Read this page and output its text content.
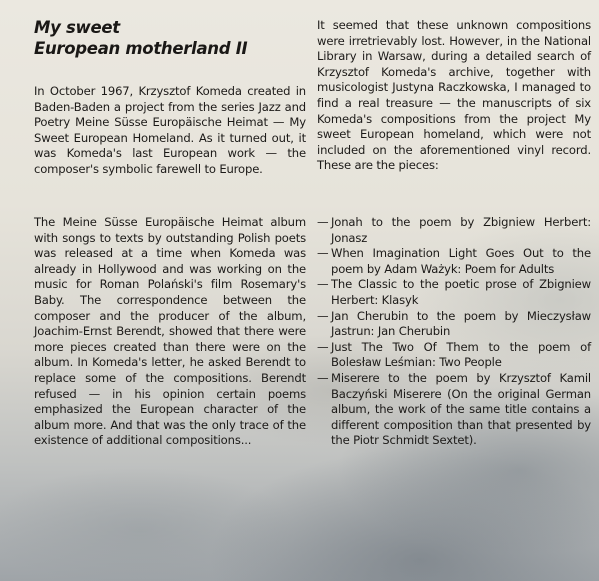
My sweet
European motherland II

In October 1967, Krzysztof Komeda created in Baden-Baden a project from the series Jazz and Poetry Meine Süsse Europäische Heimat — My Sweet European Homeland. As it turned out, it was Komeda's last European work — the composer's symbolic farewell to Europe.

The Meine Süsse Europäische Heimat album with songs to texts by outstanding Polish poets was released at a time when Komeda was already in Hollywood and was working on the music for Roman Polański's film Rosemary's Baby. The correspondence between the composer and the producer of the album, Joachim-Ernst Berendt, showed that there were more pieces created than there were on the album. In Komeda's letter, he asked Berendt to replace some of the compositions. Berendt refused — in his opinion certain poems emphasized the European character of the album more. And that was the only trace of the existence of additional compositions...

It seemed that these unknown compositions were irretrievably lost. However, in the National Library in Warsaw, during a detailed search of Krzysztof Komeda's archive, together with musicologist Justyna Raczkowska, I managed to find a real treasure — the manuscripts of six Komeda's compositions from the project My sweet European homeland, which were not included on the aforementioned vinyl record. These are the pieces:

— Jonah to the poem by Zbigniew Herbert: Jonasz
— When Imagination Light Goes Out to the poem by Adam Ważyk: Poem for Adults
— The Classic to the poetic prose of Zbigniew Herbert: Klasyk
— Jan Cherubin to the poem by Mieczysław Jastrun: Jan Cherubin
— Just The Two Of Them to the poem of Bolesław Leśmian: Two People
— Miserere to the poem by Krzysztof Kamil Baczyński Miserere (On the original German album, the work of the same title contains a different composition than that presented by the Piotr Schmidt Sextet).
